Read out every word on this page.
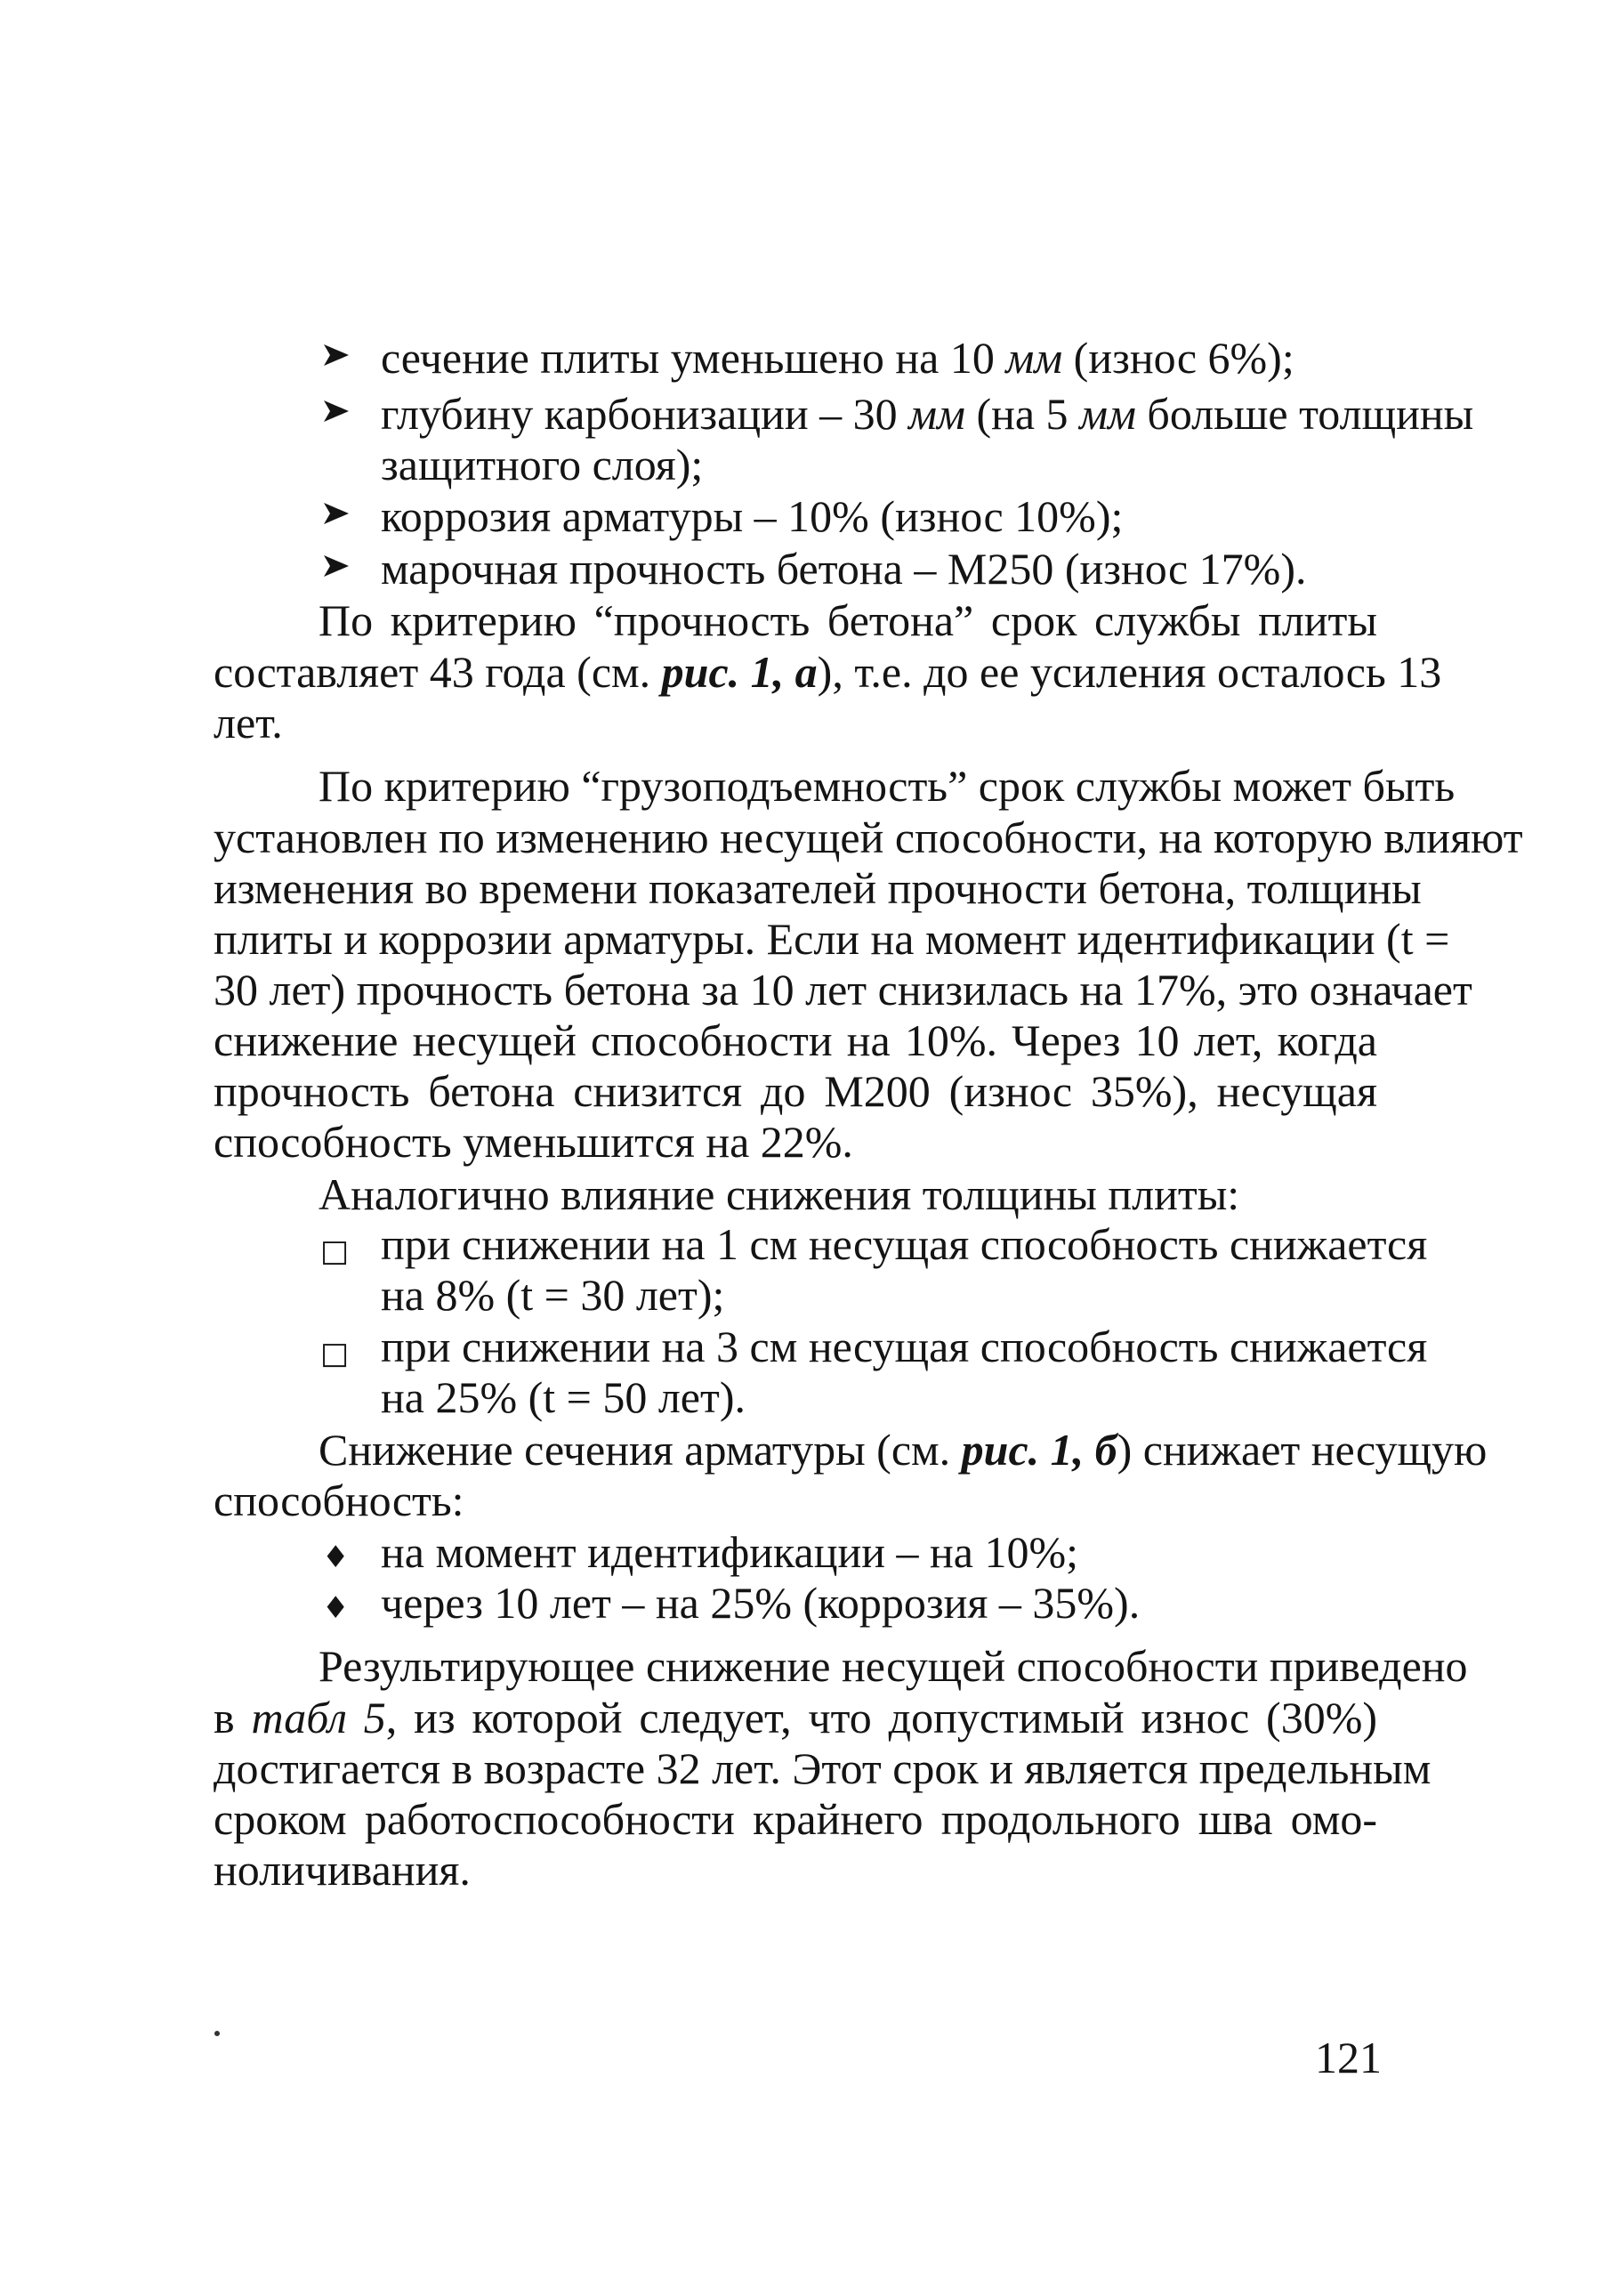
сечение плиты уменьшено на 10 мм (износ 6%);
глубину карбонизации – 30 мм (на 5 мм больше толщины
защитного слоя);
коррозия арматуры – 10% (износ 10%);
марочная прочность бетона – М250 (износ 17%).
По критерию “прочность бетона” срок службы плиты
составляет 43 года (см. рис. 1, а), т.е. до ее усиления осталось 13
лет.
По критерию “грузоподъемность” срок службы может быть
установлен по изменению несущей способности, на которую влияют
изменения во времени показателей прочности бетона, толщины
плиты и коррозии арматуры. Если на момент идентификации (t =
30 лет) прочность бетона за 10 лет снизилась на 17%, это означает
снижение несущей способности на 10%. Через 10 лет, когда
прочность бетона снизится до М200 (износ 35%), несущая
способность уменьшится на 22%.
Аналогично влияние снижения толщины плиты:
□ при снижении на 1 см несущая способность снижается
на 8% (t = 30 лет);
□ при снижении на 3 см несущая способность снижается
на 25% (t = 50 лет).
Снижение сечения арматуры (см. рис. 1, б) снижает несущую
способность:
♦ на момент идентификации – на 10%;
♦ через 10 лет – на 25% (коррозия – 35%).
Результирующее снижение несущей способности приведено
в табл 5, из которой следует, что допустимый износ (30%)
достигается в возрасте 32 лет. Этот срок и является предельным
сроком работоспособности крайнего продольного шва омо-
ноличивания.
121
